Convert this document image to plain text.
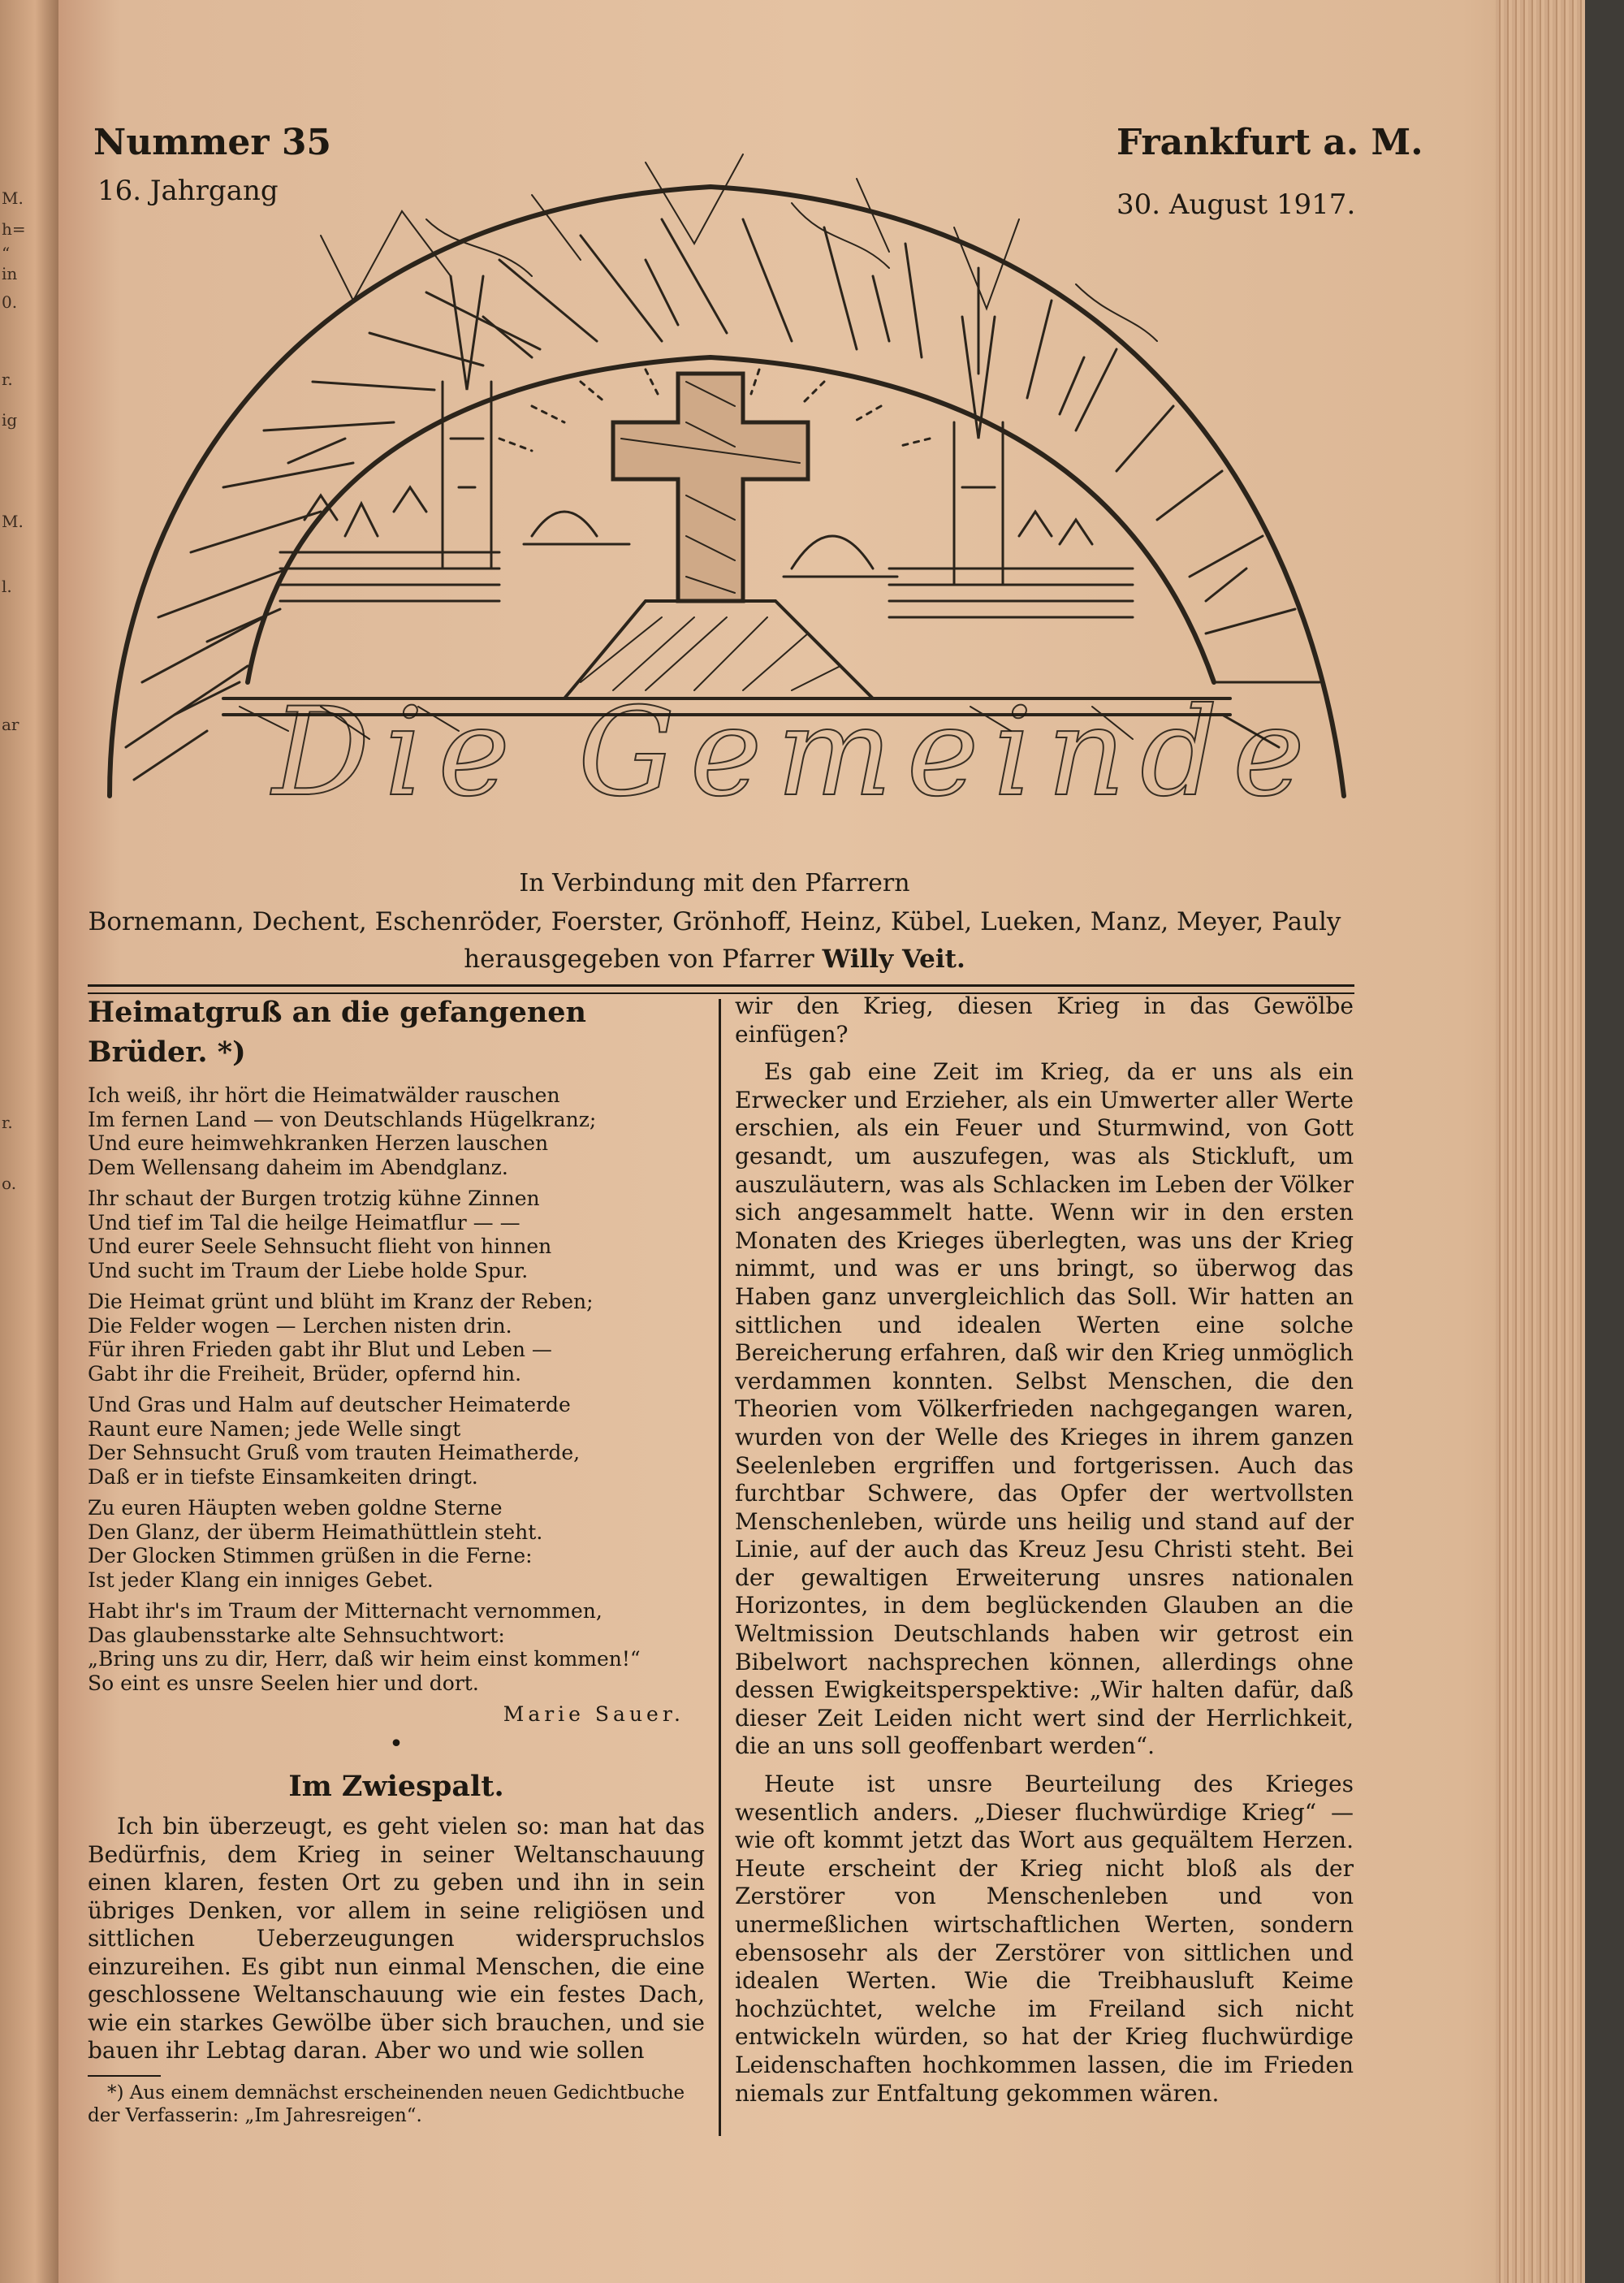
M.
h=
“
in
0.
r.
ig
M.
l.
ar
r.
o.
Nummer 35
16. Jahrgang
Frankfurt a. M.
30. August 1917.
Die Gemeinde
In Verbindung mit den Pfarrern
Bornemann, Dechent, Eschenröder, Foerster, Grönhoff, Heinz, Kübel, Lueken, Manz, Meyer, Pauly
herausgegeben von Pfarrer Willy Veit.
Heimatgruß an die gefangenen Brüder. *)
Ich weiß, ihr hört die Heimatwälder rauschen
Im fernen Land — von Deutschlands Hügelkranz;
Und eure heimwehkranken Herzen lauschen
Dem Wellensang daheim im Abendglanz.
Ihr schaut der Burgen trotzig kühne Zinnen
Und tief im Tal die heilge Heimatflur — —
Und eurer Seele Sehnsucht flieht von hinnen
Und sucht im Traum der Liebe holde Spur.
Die Heimat grünt und blüht im Kranz der Reben;
Die Felder wogen — Lerchen nisten drin.
Für ihren Frieden gabt ihr Blut und Leben —
Gabt ihr die Freiheit, Brüder, opfernd hin.
Und Gras und Halm auf deutscher Heimaterde
Raunt eure Namen; jede Welle singt
Der Sehnsucht Gruß vom trauten Heimatherde,
Daß er in tiefste Einsamkeiten dringt.
Zu euren Häupten weben goldne Sterne
Den Glanz, der überm Heimathüttlein steht.
Der Glocken Stimmen grüßen in die Ferne:
Ist jeder Klang ein inniges Gebet.
Habt ihr's im Traum der Mitternacht vernommen,
Das glaubensstarke alte Sehnsuchtwort:
„Bring uns zu dir, Herr, daß wir heim einst kommen!“
So eint es unsre Seelen hier und dort.
Marie Sauer.
•
Im Zwiespalt.

Ich bin überzeugt, es geht vielen so: man hat das Bedürfnis, dem Krieg in seiner Weltanschauung einen klaren, festen Ort zu geben und ihn in sein übriges Denken, vor allem in seine religiösen und sittlichen Ueberzeugungen widerspruchslos einzureihen. Es gibt nun einmal Menschen, die eine geschlossene Weltanschauung wie ein festes Dach, wie ein starkes Gewölbe über sich brauchen, und sie bauen ihr Lebtag daran. Aber wo und wie sollen

*) Aus einem demnächst erscheinenden neuen Gedichtbuche der Verfasserin: „Im Jahresreigen“.

wir den Krieg, diesen Krieg in das Gewölbe einfügen?

Es gab eine Zeit im Krieg, da er uns als ein Erwecker und Erzieher, als ein Umwerter aller Werte erschien, als ein Feuer und Sturmwind, von Gott gesandt, um auszufegen, was als Stickluft, um auszuläutern, was als Schlacken im Leben der Völker sich angesammelt hatte. Wenn wir in den ersten Monaten des Krieges überlegten, was uns der Krieg nimmt, und was er uns bringt, so überwog das Haben ganz unvergleichlich das Soll. Wir hatten an sittlichen und idealen Werten eine solche Bereicherung erfahren, daß wir den Krieg unmöglich verdammen konnten. Selbst Menschen, die den Theorien vom Völkerfrieden nachgegangen waren, wurden von der Welle des Krieges in ihrem ganzen Seelenleben ergriffen und fortgerissen. Auch das furchtbar Schwere, das Opfer der wertvollsten Menschenleben, würde uns heilig und stand auf der Linie, auf der auch das Kreuz Jesu Christi steht. Bei der gewaltigen Erweiterung unsres nationalen Horizontes, in dem beglückenden Glauben an die Weltmission Deutschlands haben wir getrost ein Bibelwort nachsprechen können, allerdings ohne dessen Ewigkeitsperspektive: „Wir halten dafür, daß dieser Zeit Leiden nicht wert sind der Herrlichkeit, die an uns soll geoffenbart werden“.

Heute ist unsre Beurteilung des Krieges wesentlich anders. „Dieser fluchwürdige Krieg“ — wie oft kommt jetzt das Wort aus gequältem Herzen. Heute erscheint der Krieg nicht bloß als der Zerstörer von Menschenleben und von unermeßlichen wirtschaftlichen Werten, sondern ebensosehr als der Zerstörer von sittlichen und idealen Werten. Wie die Treibhausluft Keime hochzüchtet, welche im Freiland sich nicht entwickeln würden, so hat der Krieg fluchwürdige Leidenschaften hochkommen lassen, die im Frieden niemals zur Entfaltung gekommen wären.
